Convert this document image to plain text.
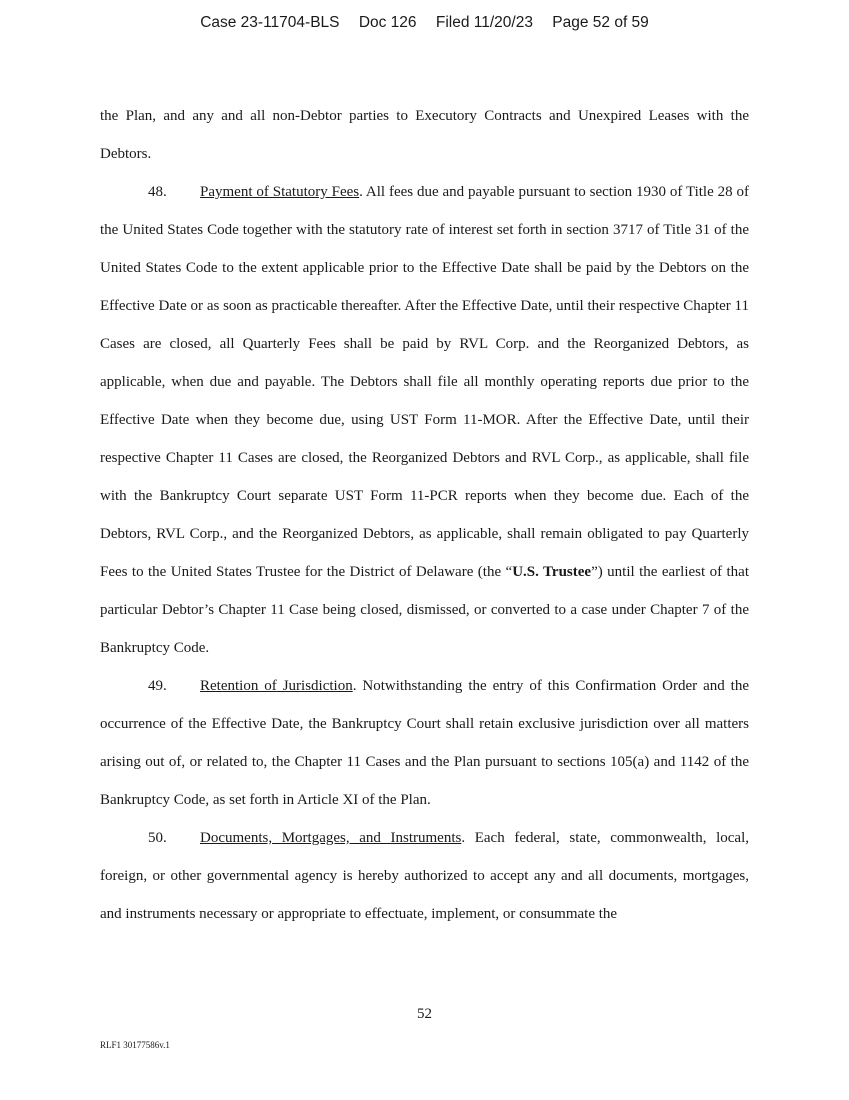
Case 23-11704-BLS Doc 126 Filed 11/20/23 Page 52 of 59

the Plan, and any and all non-Debtor parties to Executory Contracts and Unexpired Leases with the Debtors.

48. Payment of Statutory Fees. All fees due and payable pursuant to section 1930 of Title 28 of the United States Code together with the statutory rate of interest set forth in section 3717 of Title 31 of the United States Code to the extent applicable prior to the Effective Date shall be paid by the Debtors on the Effective Date or as soon as practicable thereafter. After the Effective Date, until their respective Chapter 11 Cases are closed, all Quarterly Fees shall be paid by RVL Corp. and the Reorganized Debtors, as applicable, when due and payable. The Debtors shall file all monthly operating reports due prior to the Effective Date when they become due, using UST Form 11-MOR. After the Effective Date, until their respective Chapter 11 Cases are closed, the Reorganized Debtors and RVL Corp., as applicable, shall file with the Bankruptcy Court separate UST Form 11-PCR reports when they become due. Each of the Debtors, RVL Corp., and the Reorganized Debtors, as applicable, shall remain obligated to pay Quarterly Fees to the United States Trustee for the District of Delaware (the “U.S. Trustee”) until the earliest of that particular Debtor’s Chapter 11 Case being closed, dismissed, or converted to a case under Chapter 7 of the Bankruptcy Code.

49. Retention of Jurisdiction. Notwithstanding the entry of this Confirmation Order and the occurrence of the Effective Date, the Bankruptcy Court shall retain exclusive jurisdiction over all matters arising out of, or related to, the Chapter 11 Cases and the Plan pursuant to sections 105(a) and 1142 of the Bankruptcy Code, as set forth in Article XI of the Plan.

50. Documents, Mortgages, and Instruments. Each federal, state, commonwealth, local, foreign, or other governmental agency is hereby authorized to accept any and all documents, mortgages, and instruments necessary or appropriate to effectuate, implement, or consummate the

52
RLF1 30177586v.1
